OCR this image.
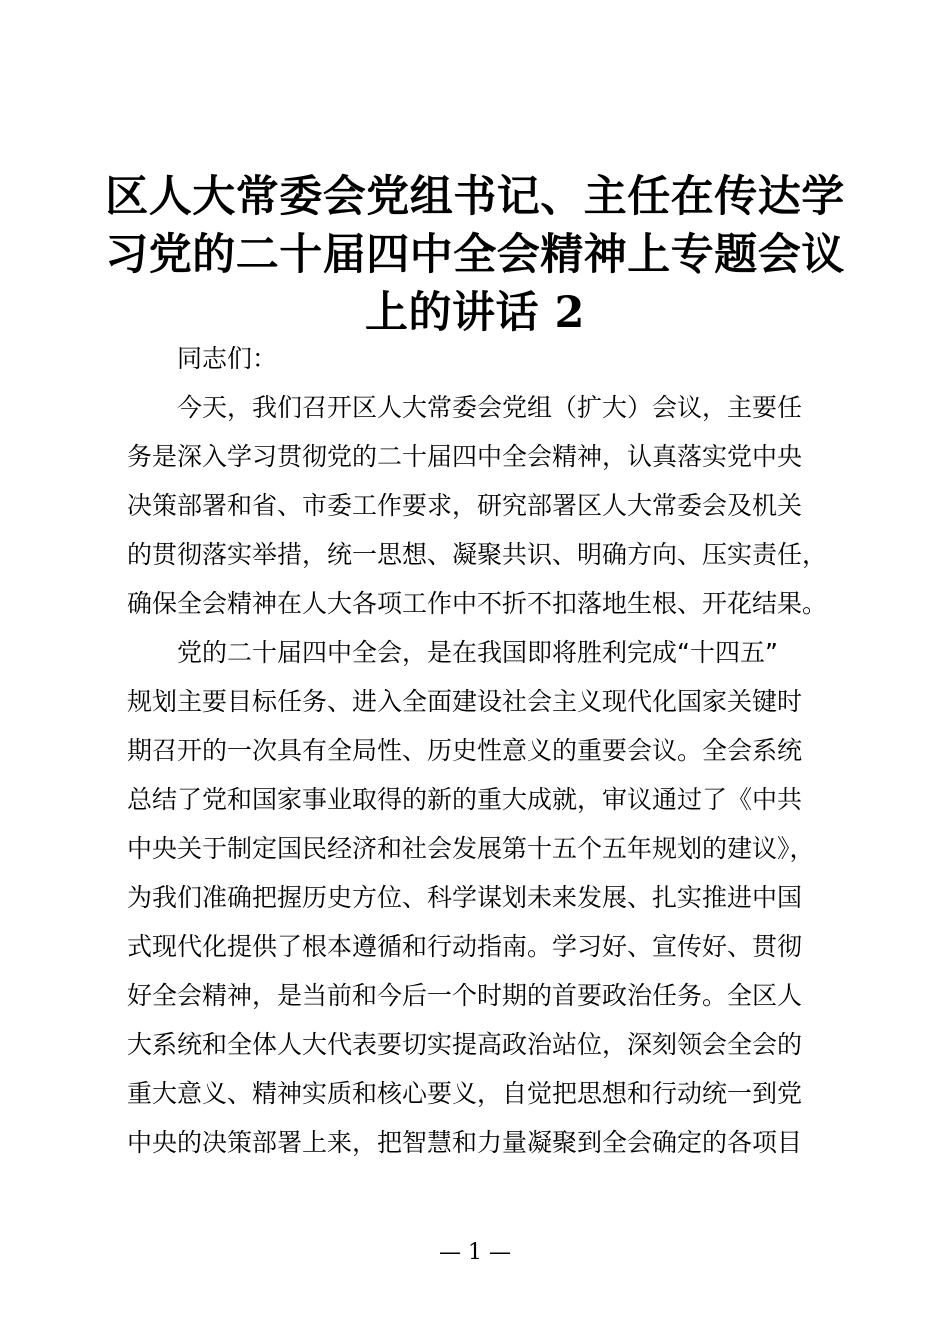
区人大常委会党组书记、主任在传达学
习党的二十届四中全会精神上专题会议
上的讲话 2
同志们：
今天，我们召开区人大常委会党组（扩大）会议，主要任
务是深入学习贯彻党的二十届四中全会精神，认真落实党中央
决策部署和省、市委工作要求，研究部署区人大常委会及机关
的贯彻落实举措，统一思想、凝聚共识、明确方向、压实责任，
确保全会精神在人大各项工作中不折不扣落地生根、开花结果。
党的二十届四中全会，是在我国即将胜利完成“十四五”
规划主要目标任务、进入全面建设社会主义现代化国家关键时
期召开的一次具有全局性、历史性意义的重要会议。全会系统
总结了党和国家事业取得的新的重大成就，审议通过了《中共
中央关于制定国民经济和社会发展第十五个五年规划的建议》，
为我们准确把握历史方位、科学谋划未来发展、扎实推进中国
式现代化提供了根本遵循和行动指南。学习好、宣传好、贯彻
好全会精神，是当前和今后一个时期的首要政治任务。全区人
大系统和全体人大代表要切实提高政治站位，深刻领会全会的
重大意义、精神实质和核心要义，自觉把思想和行动统一到党
中央的决策部署上来，把智慧和力量凝聚到全会确定的各项目
— 1 —
